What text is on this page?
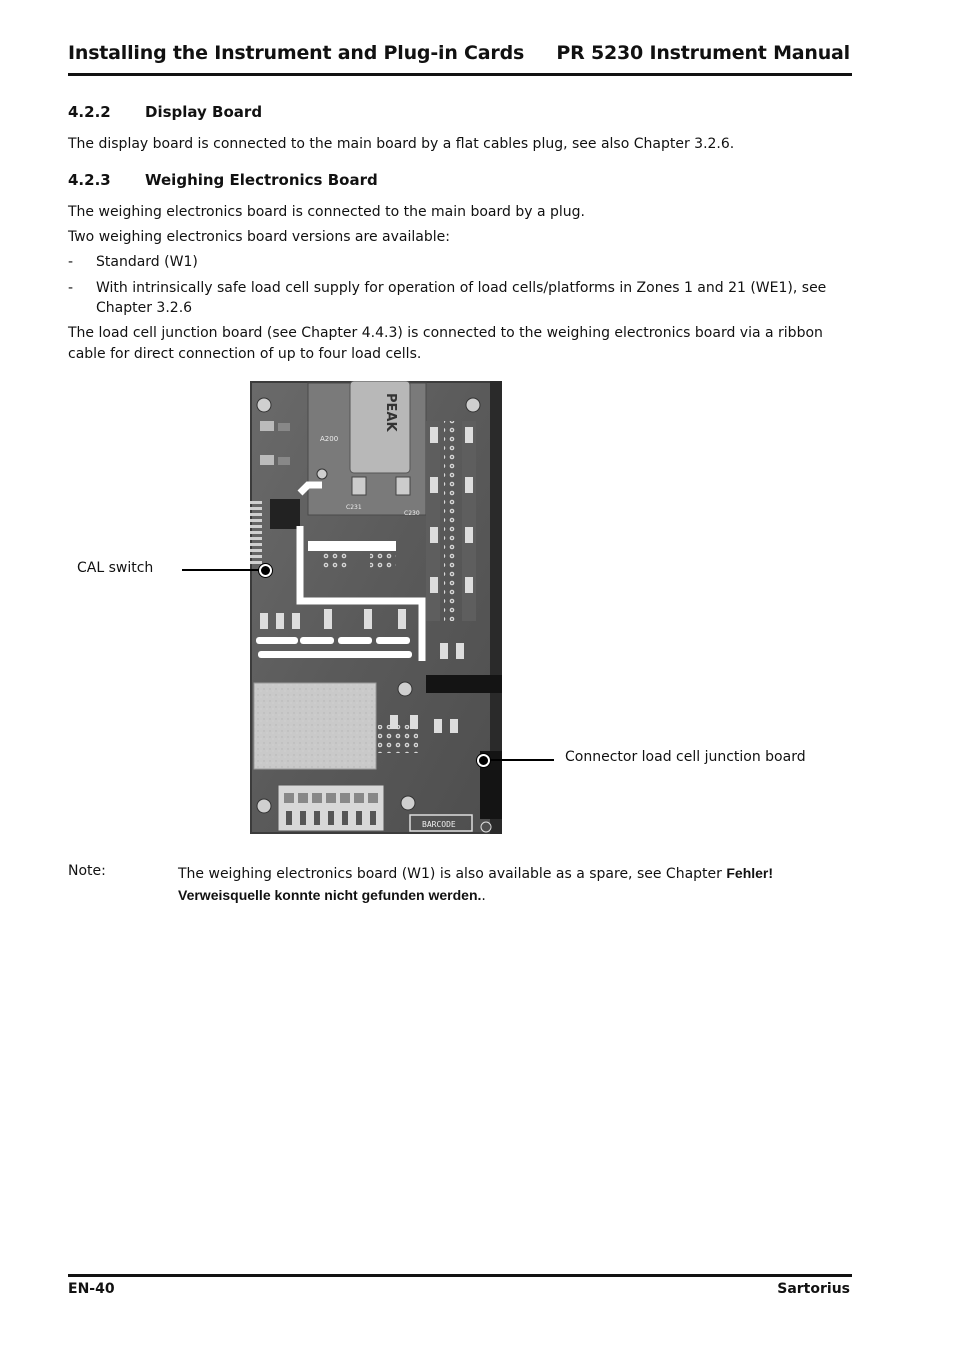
Installing the Instrument and Plug-in Cards PR 5230 Instrument Manual
4.2.2 Display Board
The display board is connected to the main board by a flat cables plug, see also Chapter 3.2.6.
4.2.3 Weighing Electronics Board
The weighing electronics board is connected to the main board by a plug.
Two weighing electronics board versions are available:
- Standard (W1)
- With intrinsically safe load cell supply for operation of load cells/platforms in Zones 1 and 21 (WE1), see Chapter 3.2.6
The load cell junction board (see Chapter 4.4.3) is connected to the weighing electronics board via a ribbon cable for direct connection of up to four load cells.
PEAK
A200
C231
C230
BARCODE
CAL switch
Connector load cell junction board
Note:	The weighing electronics board (W1) is also available as a spare, see Chapter Fehler! Verweisquelle konnte nicht gefunden werden..
EN-40	Sartorius
